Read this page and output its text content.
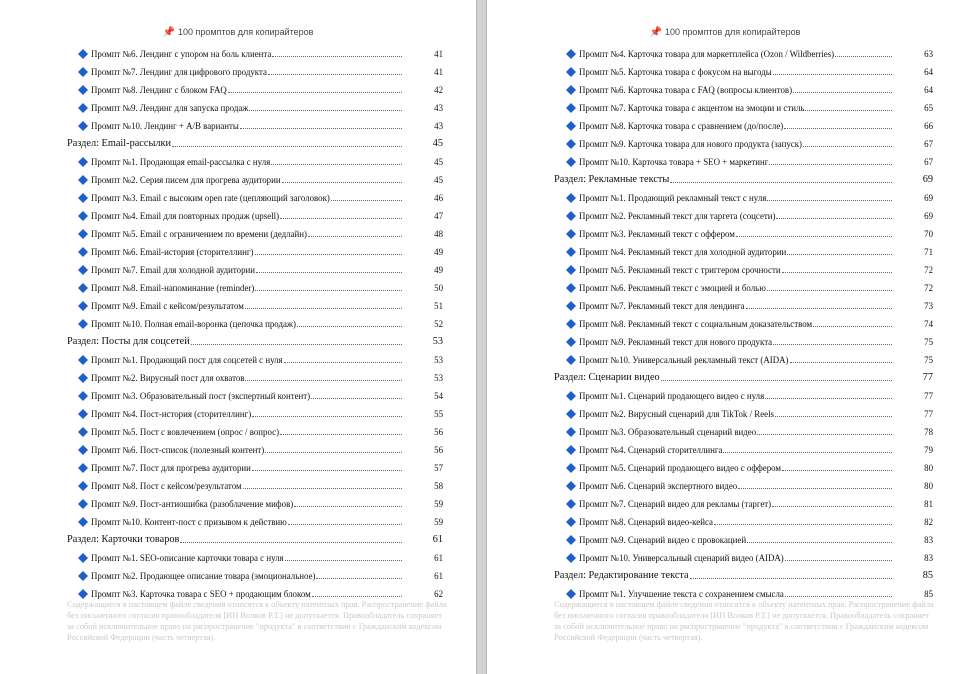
📌 100 промптов для копирайтеров
Промпт №6. Лендинг с упором на боль клиента	41
Промпт №7. Лендинг для цифрового продукта	41
Промпт №8. Лендинг с блоком FAQ	42
Промпт №9. Лендинг для запуска продаж	43
Промпт №10. Лендинг + A/B варианты	43
Раздел: Email-рассылки	45
Промпт №1. Продающая email-рассылка с нуля	45
Промпт №2. Серия писем для прогрева аудитории	45
Промпт №3. Email с высоким open rate (цепляющий заголовок)	46
Промпт №4. Email для повторных продаж (upsell)	47
Промпт №5. Email с ограничением по времени (дедлайн)	48
Промпт №6. Email-история (сторителлинг)	49
Промпт №7. Email для холодной аудитории	49
Промпт №8. Email-напоминание (reminder)	50
Промпт №9. Email с кейсом/результатом	51
Промпт №10. Полная email-воронка (цепочка продаж)	52
Раздел: Посты для соцсетей	53
Промпт №1. Продающий пост для соцсетей с нуля	53
Промпт №2. Вирусный пост для охватов	53
Промпт №3. Образовательный пост (экспертный контент)	54
Промпт №4. Пост-история (сторителлинг)	55
Промпт №5. Пост с вовлечением (опрос / вопрос)	56
Промпт №6. Пост-список (полезный контент)	56
Промпт №7. Пост для прогрева аудитории	57
Промпт №8. Пост с кейсом/результатом	58
Промпт №9. Пост-антиошибка (разоблачение мифов)	59
Промпт №10. Контент-пост с призывом к действию	59
Раздел: Карточки товаров	61
Промпт №1. SEO-описание карточки товара с нуля	61
Промпт №2. Продающее описание товара (эмоциональное)	61
Промпт №3. Карточка товара с SEO + продающим блоком	62
Содержащиеся в настоящем файле сведения относятся к объекту патентных прав. Распространение файла без письменного согласия правообладателя [ИП Волков Р.Т.] не допускается. Правообладатель сохраняет за собой исключительное право на распространение "продукта" в соответствии с Гражданским кодексом Российской Федерации (часть четвертая).
📌 100 промптов для копирайтеров
Промпт №4. Карточка товара для маркетплейса (Ozon / Wildberries)	63
Промпт №5. Карточка товара с фокусом на выгоды	64
Промпт №6. Карточка товара с FAQ (вопросы клиентов)	64
Промпт №7. Карточка товара с акцентом на эмоции и стиль	65
Промпт №8. Карточка товара с сравнением (до/после)	66
Промпт №9. Карточка товара для нового продукта (запуск)	67
Промпт №10. Карточка товара + SEO + маркетинг	67
Раздел: Рекламные тексты	69
Промпт №1. Продающий рекламный текст с нуля	69
Промпт №2. Рекламный текст для таргета (соцсети)	69
Промпт №3. Рекламный текст с оффером	70
Промпт №4. Рекламный текст для холодной аудитории	71
Промпт №5. Рекламный текст с триггером срочности	72
Промпт №6. Рекламный текст с эмоцией и болью	72
Промпт №7. Рекламный текст для лендинга	73
Промпт №8. Рекламный текст с социальным доказательством	74
Промпт №9. Рекламный текст для нового продукта	75
Промпт №10. Универсальный рекламный текст (AIDA)	75
Раздел: Сценарии видео	77
Промпт №1. Сценарий продающего видео с нуля	77
Промпт №2. Вирусный сценарий для TikTok / Reels	77
Промпт №3. Образовательный сценарий видео	78
Промпт №4. Сценарий сторителлинга	79
Промпт №5. Сценарий продающего видео с оффером	80
Промпт №6. Сценарий экспертного видео	80
Промпт №7. Сценарий видео для рекламы (таргет)	81
Промпт №8. Сценарий видео-кейса	82
Промпт №9. Сценарий видео с провокацией	83
Промпт №10. Универсальный сценарий видео (AIDA)	83
Раздел: Редактирование текста	85
Промпт №1. Улучшение текста с сохранением смысла	85
Содержащиеся в настоящем файле сведения относятся к объекту патентных прав. Распространение файла без письменного согласия правообладателя [ИП Волков Р.Т.] не допускается. Правообладатель сохраняет за собой исключительное право на распространение "продукта" в соответствии с Гражданским кодексом Российской Федерации (часть четвертая).
